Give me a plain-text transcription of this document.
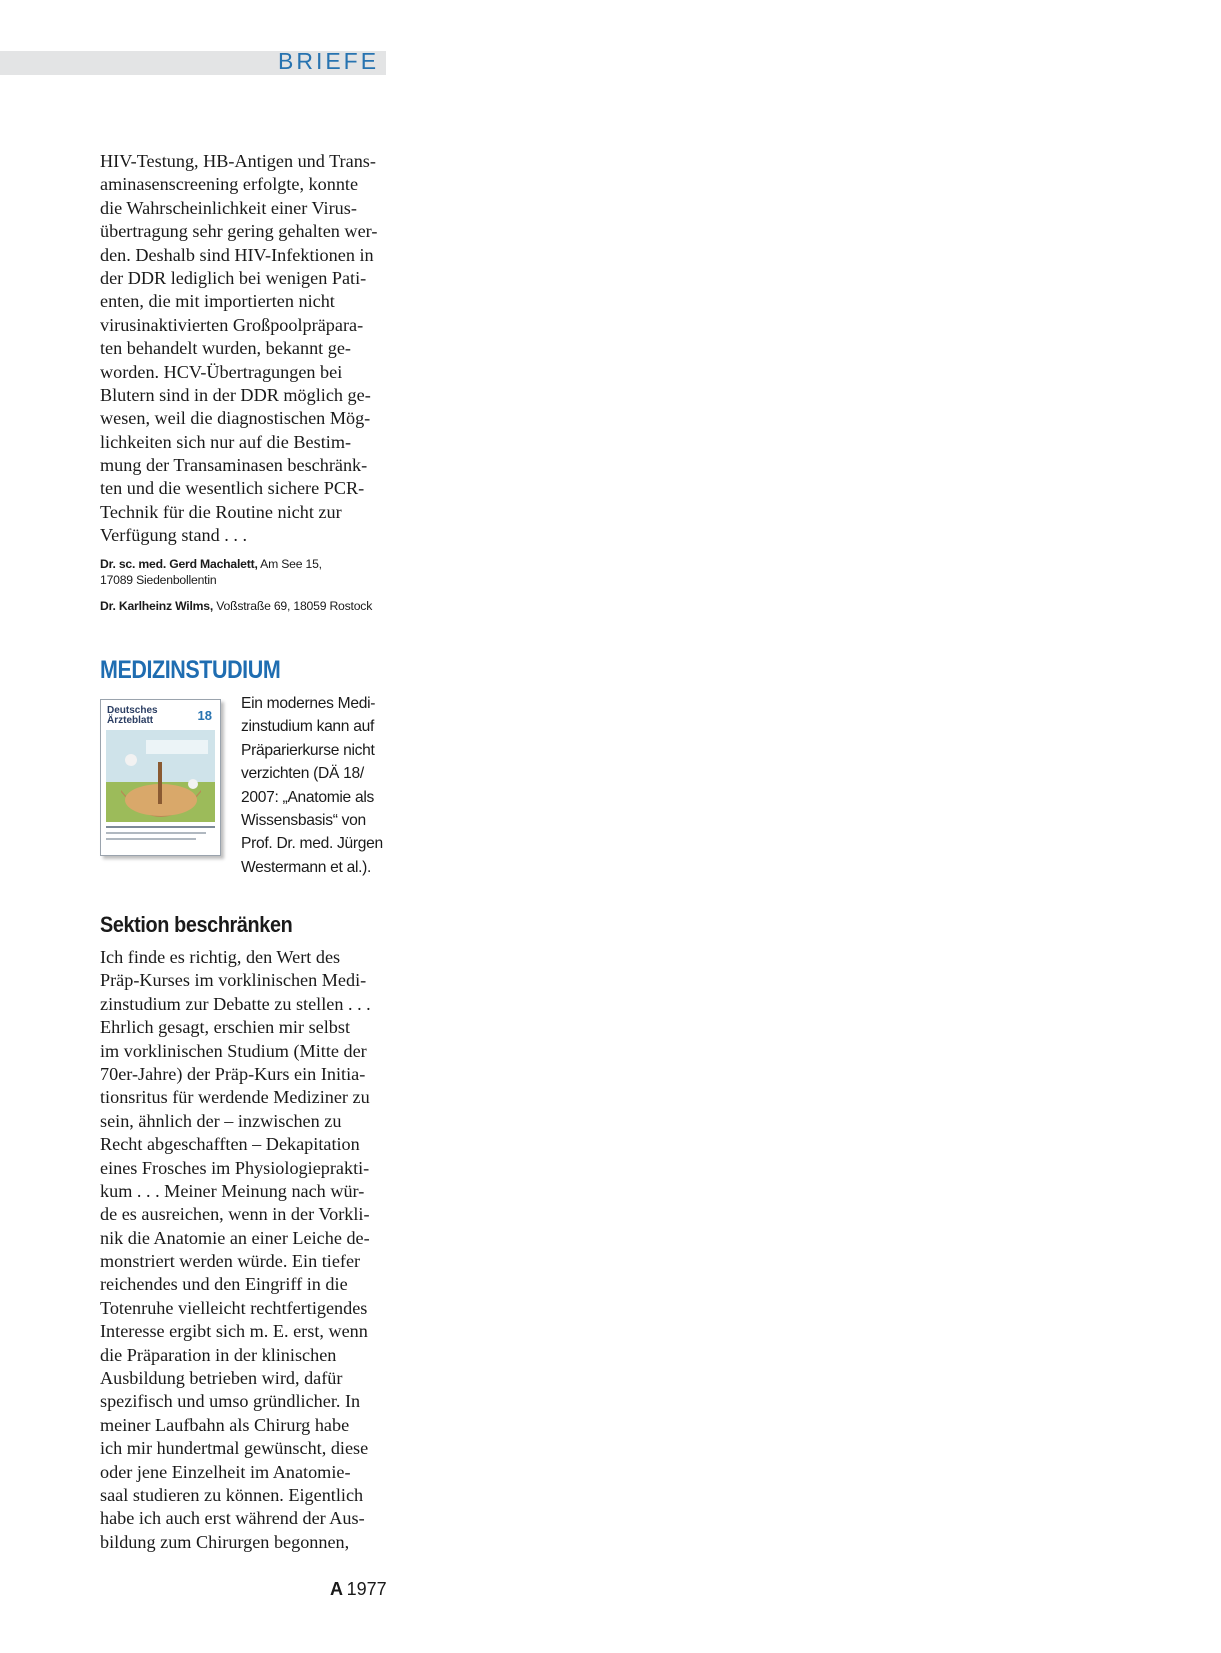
BRIEFE
HIV-Testung, HB-Antigen und Trans-
aminasenscreening erfolgte, konnte
die Wahrscheinlichkeit einer Virus-
übertragung sehr gering gehalten wer-
den. Deshalb sind HIV-Infektionen in
der DDR lediglich bei wenigen Pati-
enten, die mit importierten nicht
virusinaktivierten Großpoolpräpara-
ten behandelt wurden, bekannt ge-
worden. HCV-Übertragungen bei
Blutern sind in der DDR möglich ge-
wesen, weil die diagnostischen Mög-
lichkeiten sich nur auf die Bestim-
mung der Transaminasen beschränk-
ten und die wesentlich sichere PCR-
Technik für die Routine nicht zur
Verfügung stand . . .
Dr. sc. med. Gerd Machalett, Am See 15,
17089 Siedenbollentin
Dr. Karlheinz Wilms, Voßstraße 69, 18059 Rostock
MEDIZINSTUDIUM
Deutsches
Ärzteblatt	18
Ein modernes Medi-
zinstudium kann auf
Präparierkurse nicht
verzichten (DÄ 18/
2007: „Anatomie als
Wissensbasis“ von
Prof. Dr. med. Jürgen
Westermann et al.).
Sektion beschränken
Ich finde es richtig, den Wert des
Präp-Kurses im vorklinischen Medi-
zinstudium zur Debatte zu stellen . . .
Ehrlich gesagt, erschien mir selbst
im vorklinischen Studium (Mitte der
70er-Jahre) der Präp-Kurs ein Initia-
tionsritus für werdende Mediziner zu
sein, ähnlich der – inzwischen zu
Recht abgeschafften – Dekapitation
eines Frosches im Physiologieprakti-
kum . . . Meiner Meinung nach wür-
de es ausreichen, wenn in der Vorkli-
nik die Anatomie an einer Leiche de-
monstriert werden würde. Ein tiefer
reichendes und den Eingriff in die
Totenruhe vielleicht rechtfertigendes
Interesse ergibt sich m. E. erst, wenn
die Präparation in der klinischen
Ausbildung betrieben wird, dafür
spezifisch und umso gründlicher. In
meiner Laufbahn als Chirurg habe
ich mir hundertmal gewünscht, diese
oder jene Einzelheit im Anatomie-
saal studieren zu können. Eigentlich
habe ich auch erst während der Aus-
bildung zum Chirurgen begonnen,
A  1977
